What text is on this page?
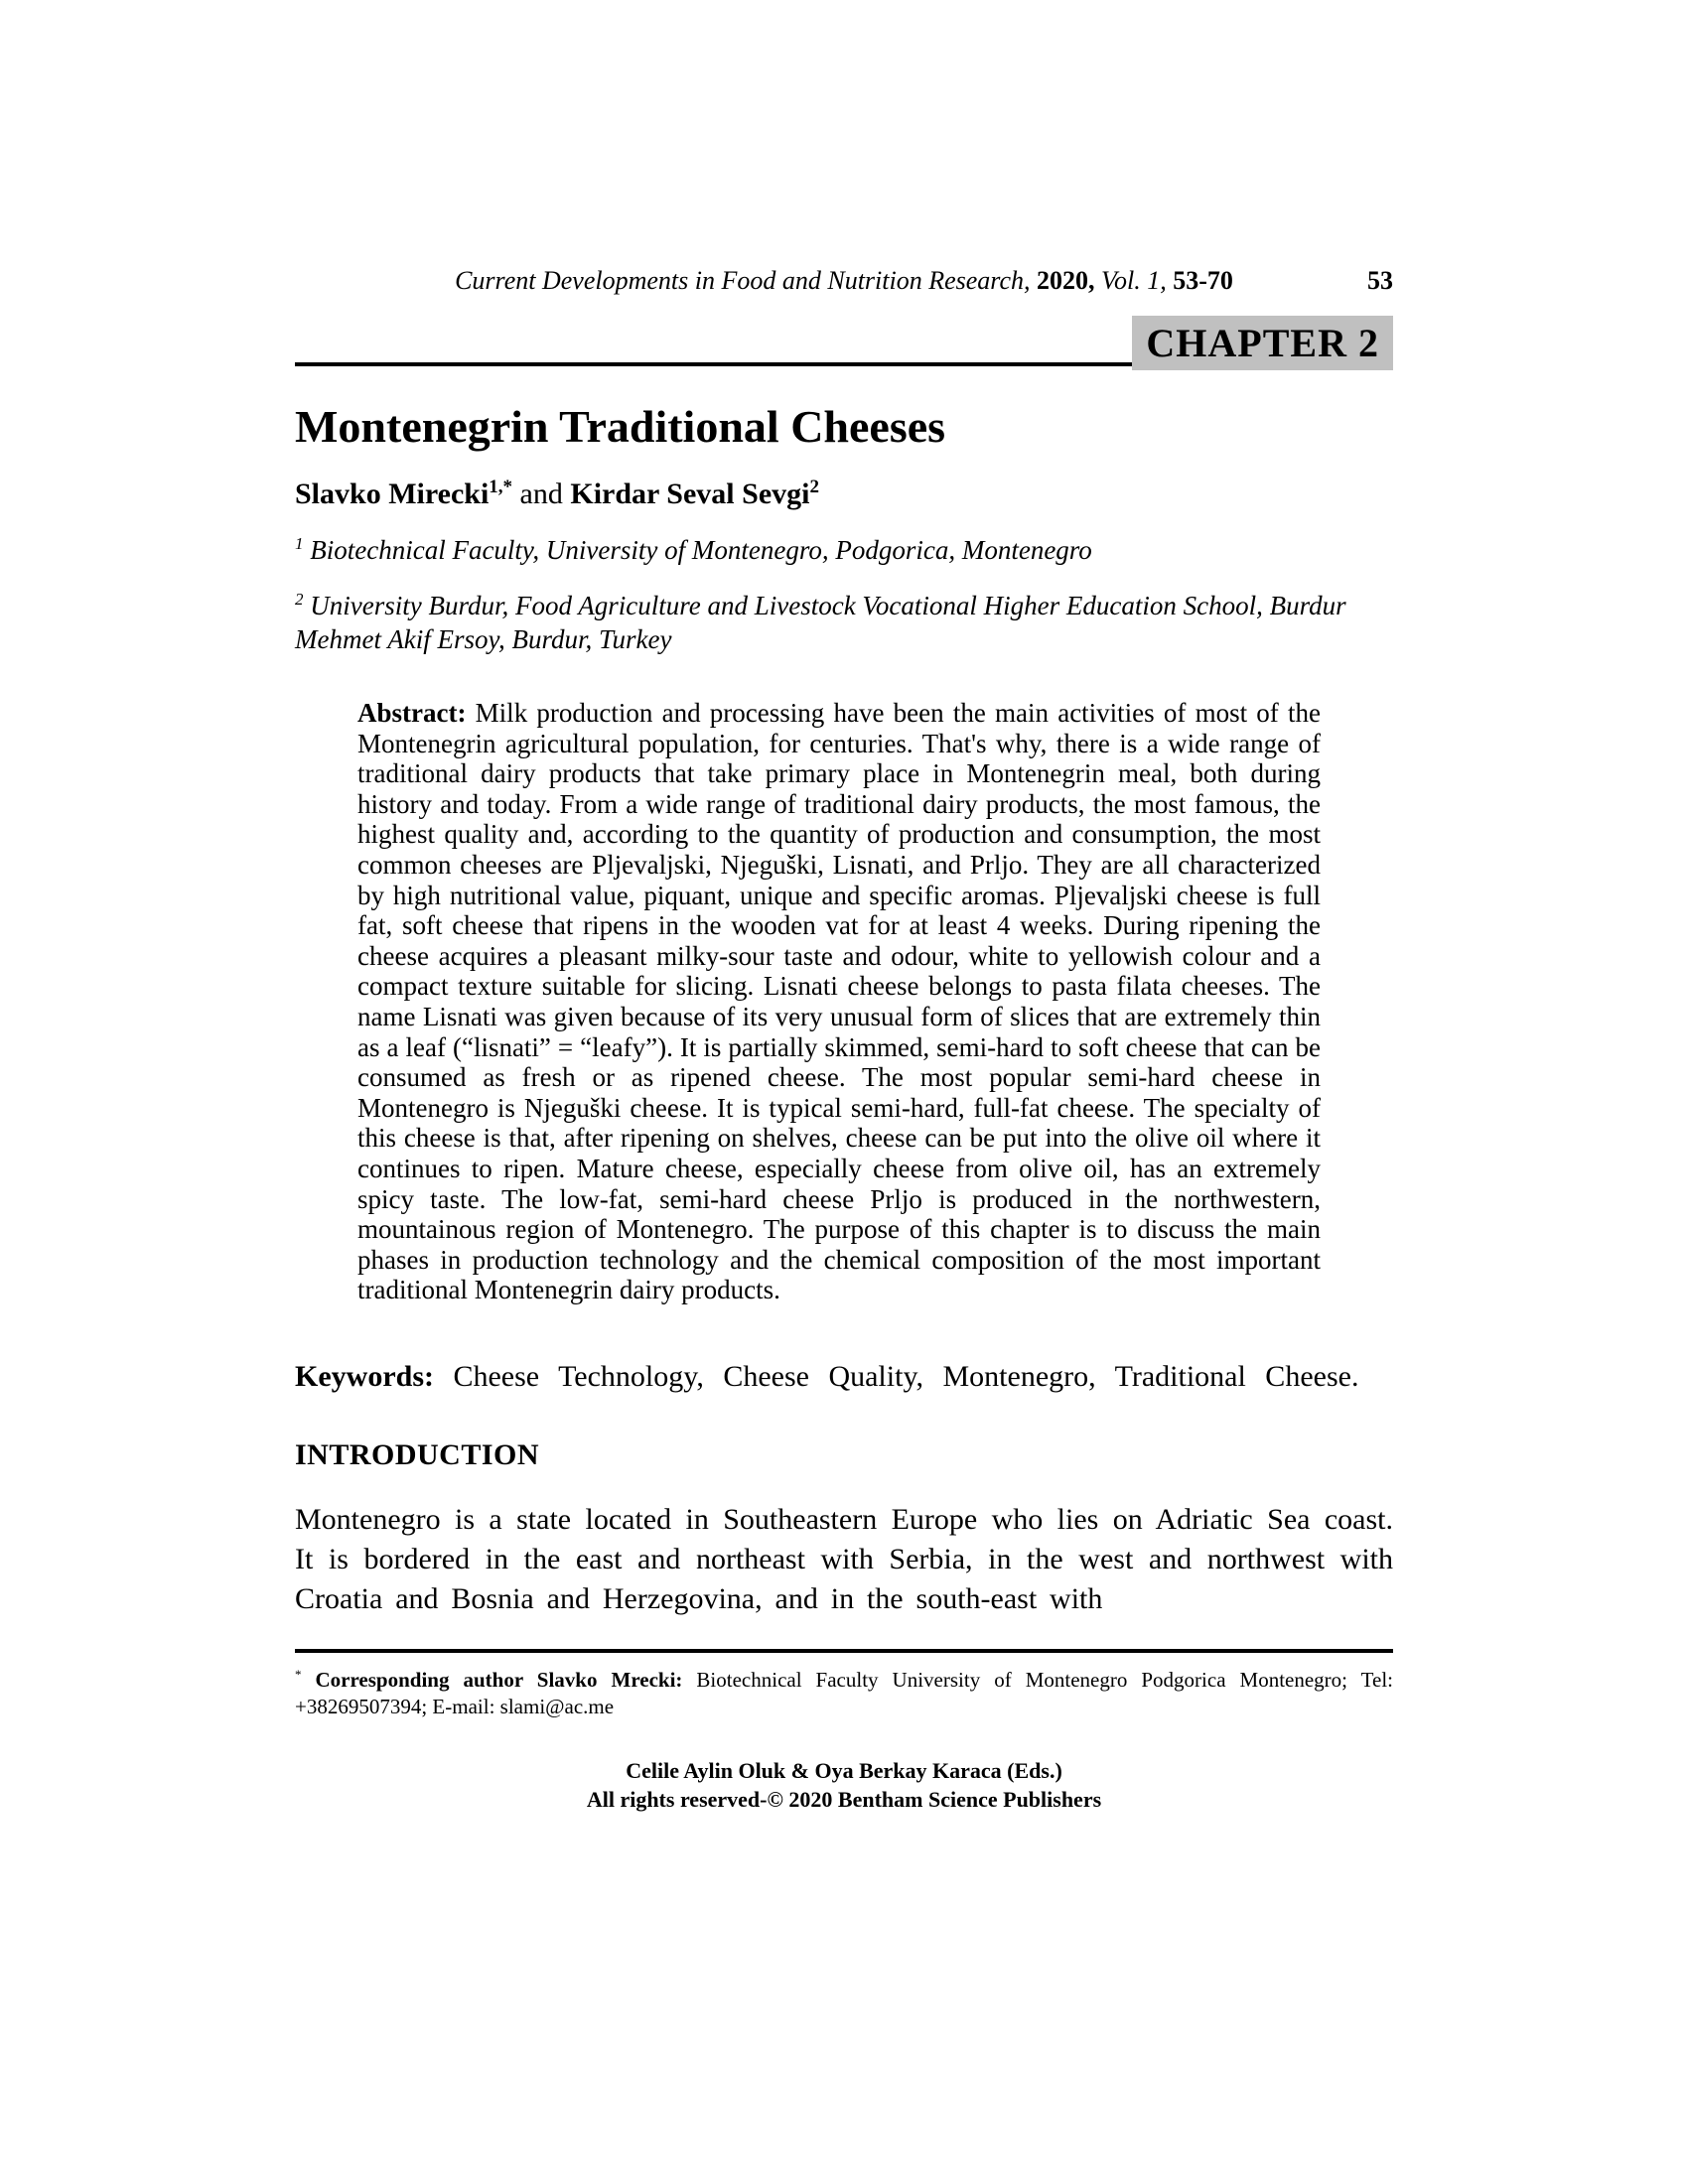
Current Developments in Food and Nutrition Research, 2020, Vol. 1, 53-70	53
CHAPTER 2
Montenegrin Traditional Cheeses
Slavko Mirecki$^{1,*}$ and Kirdar Seval Sevgi$^2$

$^1$ Biotechnical Faculty, University of Montenegro, Podgorica, Montenegro

$^2$ University Burdur, Food Agriculture and Livestock Vocational Higher Education School, Burdur Mehmet Akif Ersoy, Burdur, Turkey

Abstract: Milk production and processing have been the main activities of most of the Montenegrin agricultural population, for centuries. That's why, there is a wide range of traditional dairy products that take primary place in Montenegrin meal, both during history and today. From a wide range of traditional dairy products, the most famous, the highest quality and, according to the quantity of production and consumption, the most common cheeses are Pljevaljski, Njeguški, Lisnati, and Prljo. They are all characterized by high nutritional value, piquant, unique and specific aromas. Pljevaljski cheese is full fat, soft cheese that ripens in the wooden vat for at least 4 weeks. During ripening the cheese acquires a pleasant milky-sour taste and odour, white to yellowish colour and a compact texture suitable for slicing. Lisnati cheese belongs to pasta filata cheeses. The name Lisnati was given because of its very unusual form of slices that are extremely thin as a leaf (“lisnati” = “leafy”). It is partially skimmed, semi-hard to soft cheese that can be consumed as fresh or as ripened cheese. The most popular semi-hard cheese in Montenegro is Njeguški cheese. It is typical semi-hard, full-fat cheese. The specialty of this cheese is that, after ripening on shelves, cheese can be put into the olive oil where it continues to ripen. Mature cheese, especially cheese from olive oil, has an extremely spicy taste. The low-fat, semi-hard cheese Prljo is produced in the northwestern, mountainous region of Montenegro. The purpose of this chapter is to discuss the main phases in production technology and the chemical composition of the most important traditional Montenegrin dairy products.

Keywords: Cheese Technology, Cheese Quality, Montenegro, Traditional Cheese.

INTRODUCTION

Montenegro is a state located in Southeastern Europe who lies on Adriatic Sea coast. It is bordered in the east and northeast with Serbia, in the west and northwest with Croatia and Bosnia and Herzegovina, and in the south-east with

* Corresponding author Slavko Mrecki: Biotechnical Faculty University of Montenegro Podgorica Montenegro; Tel: +38269507394; E-mail: slami@ac.me

Celile Aylin Oluk & Oya Berkay Karaca (Eds.)
All rights reserved-© 2020 Bentham Science Publishers
